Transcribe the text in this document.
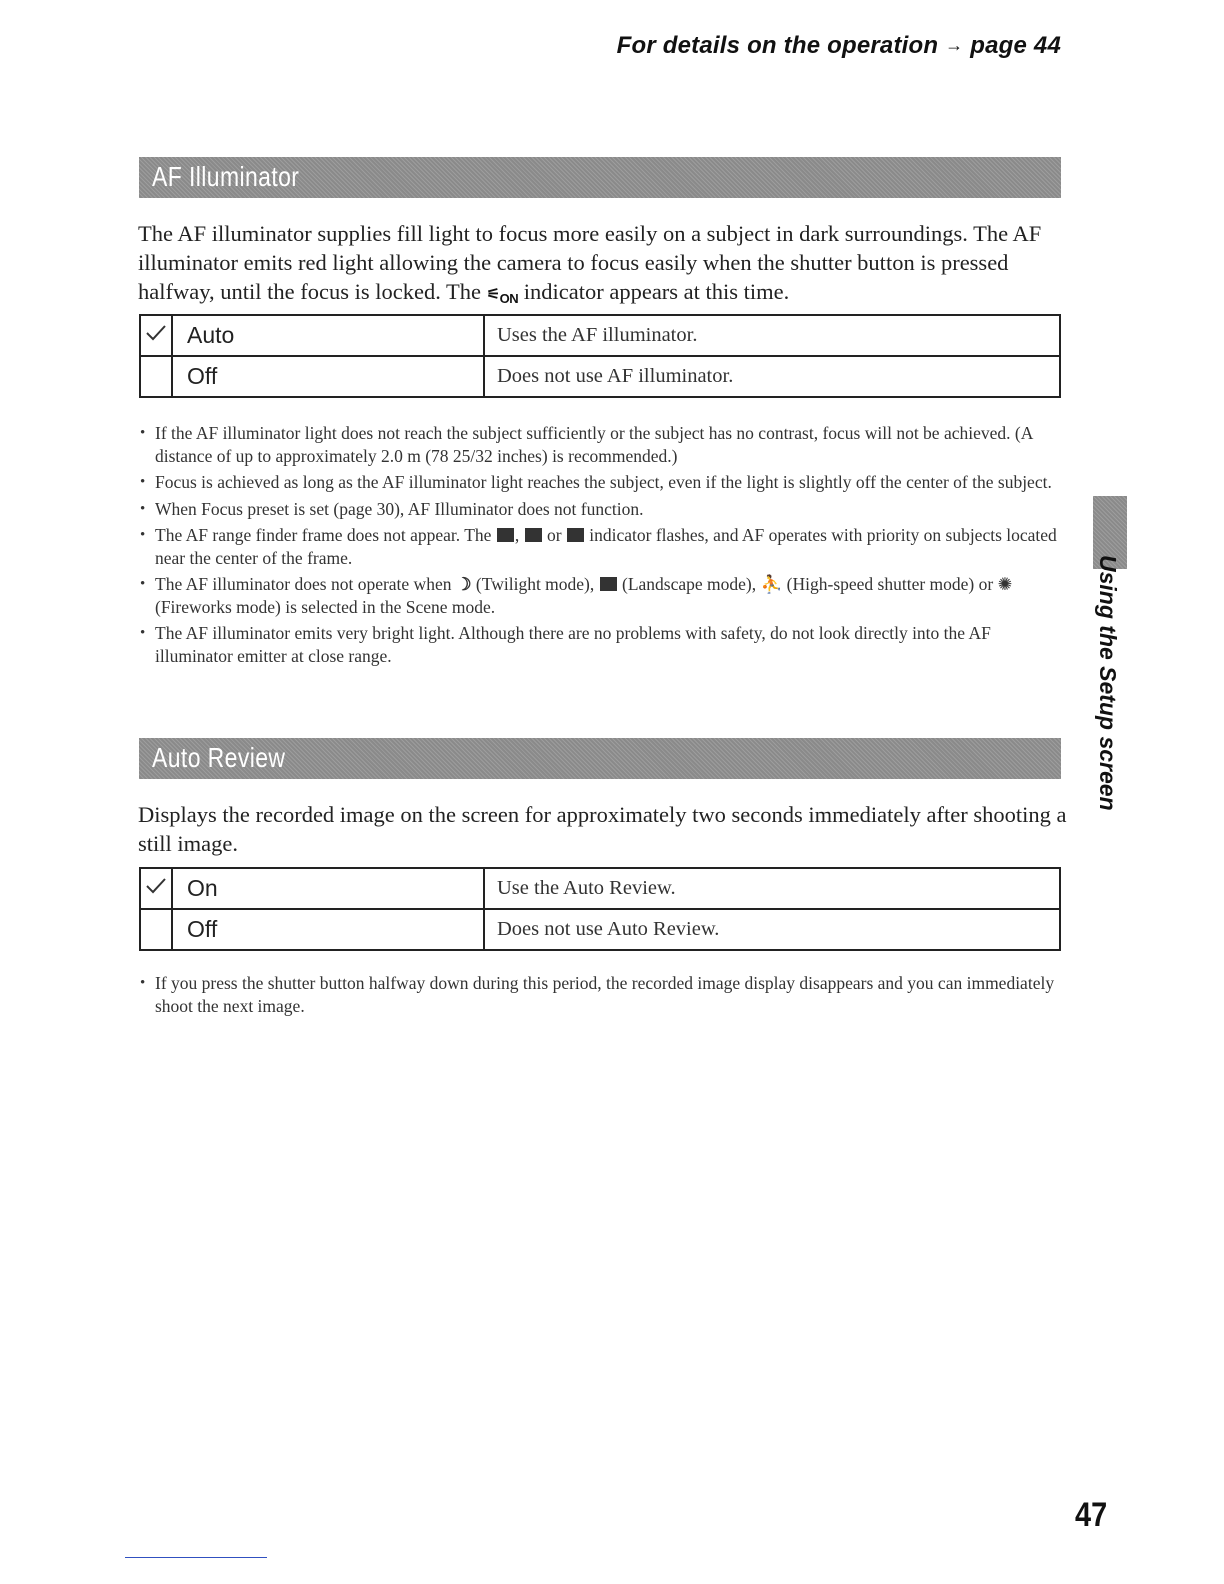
For details on the operation → page 44
AF Illuminator

The AF illuminator supplies fill light to focus more easily on a subject in dark surroundings. The AF illuminator emits red light allowing the camera to focus easily when the shutter button is pressed halfway, until the focus is locked. The $⚟_{ON}$ indicator appears at this time.

	Auto	Uses the AF illuminator.
	Off	Does not use AF illuminator.
• If the AF illuminator light does not reach the subject sufficiently or the subject has no contrast, focus will not be achieved. (A distance of up to approximately 2.0 m (78 25/32 inches) is recommended.)
• Focus is achieved as long as the AF illuminator light reaches the subject, even if the light is slightly off the center of the subject.
• When Focus preset is set (page 30), AF Illuminator does not function.
• The AF range finder frame does not appear. The , or indicator flashes, and AF operates with priority on subjects located near the center of the frame.
• The AF illuminator does not operate when ☽ (Twilight mode), (Landscape mode), ⛹ (High-speed shutter mode) or ✺ (Fireworks mode) is selected in the Scene mode.
• The AF illuminator emits very bright light. Although there are no problems with safety, do not look directly into the AF illuminator emitter at close range.
Auto Review

Displays the recorded image on the screen for approximately two seconds immediately after shooting a still image.

	On	Use the Auto Review.
	Off	Does not use Auto Review.
• If you press the shutter button halfway down during this period, the recorded image display disappears and you can immediately shoot the next image.
Using the Setup screen
47
